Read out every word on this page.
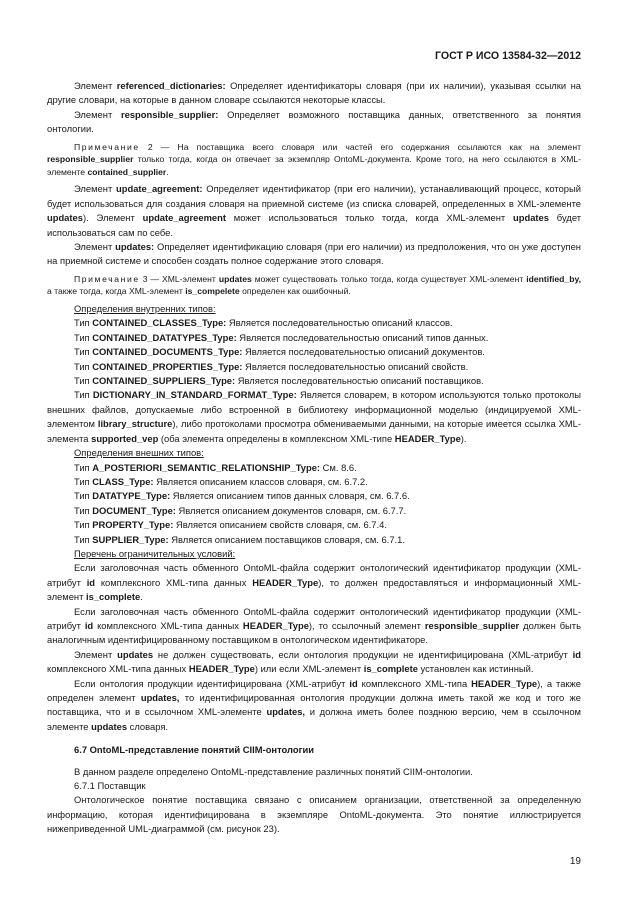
ГОСТ Р ИСО 13584-32—2012

Элемент referenced_dictionaries: Определяет идентификаторы словаря (при их наличии), указывая ссылки на другие словари, на которые в данном словаре ссылаются некоторые классы.

Элемент responsible_supplier: Определяет возможного поставщика данных, ответственного за понятия онтологии.

Примечание 2 — На поставщика всего словаря или частей его содержания ссылаются как на элемент responsible_supplier только тогда, когда он отвечает за экземпляр OntoML-документа. Кроме того, на него ссылаются в XML-элементе contained_supplier.

Элемент update_agreement: Определяет идентификатор (при его наличии), устанавливающий процесс, который будет использоваться для создания словаря на приемной системе (из списка словарей, определенных в XML-элементе updates). Элемент update_agreement может использоваться только тогда, когда XML-элемент updates будет использоваться сам по себе.

Элемент updates: Определяет идентификацию словаря (при его наличии) из предположения, что он уже доступен на приемной системе и способен создать полное содержание этого словаря.

Примечание 3 — XML-элемент updates может существовать только тогда, когда существует XML-элемент identified_by, а также тогда, когда XML-элемент is_compelete определен как ошибочный.

Определения внутренних типов:

Тип CONTAINED_CLASSES_Type: Является последовательностью описаний классов.

Тип CONTAINED_DATATYPES_Type: Является последовательностью описаний типов данных.

Тип CONTAINED_DOCUMENTS_Type: Является последовательностью описаний документов.

Тип CONTAINED_PROPERTIES_Type: Является последовательностью описаний свойств.

Тип CONTAINED_SUPPLIERS_Type: Является последовательностью описаний поставщиков.

Тип DICTIONARY_IN_STANDARD_FORMAT_Type: Является словарем, в котором используются только протоколы внешних файлов, допускаемые либо встроенной в библиотеку информационной моделью (индицируемой XML-элементом library_structure), либо протоколами просмотра обмениваемыми данными, на которые имеется ссылка XML-элемента supported_vep (оба элемента определены в комплексном XML-типе HEADER_Type).

Определения внешних типов:

Тип A_POSTERIORI_SEMANTIC_RELATIONSHIP_Type: См. 8.6.

Тип CLASS_Type: Является описанием классов словаря, см. 6.7.2.

Тип DATATYPE_Type: Является описанием типов данных словаря, см. 6.7.6.

Тип DOCUMENT_Type: Является описанием документов словаря, см. 6.7.7.

Тип PROPERTY_Type: Является описанием свойств словаря, см. 6.7.4.

Тип SUPPLIER_Type: Является описанием поставщиков словаря, см. 6.7.1.

Перечень ограничительных условий:

Если заголовочная часть обменного OntoML-файла содержит онтологический идентификатор продукции (XML-атрибут id комплексного XML-типа данных HEADER_Type), то должен предоставляться и информационный XML-элемент is_complete.

Если заголовочная часть обменного OntoML-файла содержит онтологический идентификатор продукции (XML-атрибут id комплексного XML-типа данных HEADER_Type), то ссылочный элемент responsible_supplier должен быть аналогичным идентифицированному поставщиком в онтологическом идентификаторе.

Элемент updates не должен существовать, если онтология продукции не идентифицирована (XML-атрибут id комплексного XML-типа данных HEADER_Type) или если XML-элемент is_complete установлен как истинный.

Если онтология продукции идентифицирована (XML-атрибут id комплексного XML-типа HEADER_Type), а также определен элемент updates, то идентифицированная онтология продукции должна иметь такой же код и того же поставщика, что и в ссылочном XML-элементе updates, и должна иметь более позднюю версию, чем в ссылочном элементе updates словаря.

6.7 OntoML-представление понятий CIIM-онтологии

В данном разделе определено OntoML-представление различных понятий CIIM-онтологии.

6.7.1 Поставщик

Онтологическое понятие поставщика связано с описанием организации, ответственной за определенную информацию, которая идентифицирована в экземпляре OntoML-документа. Это понятие иллюстрируется нижеприведенной UML-диаграммой (см. рисунок 23).

19
